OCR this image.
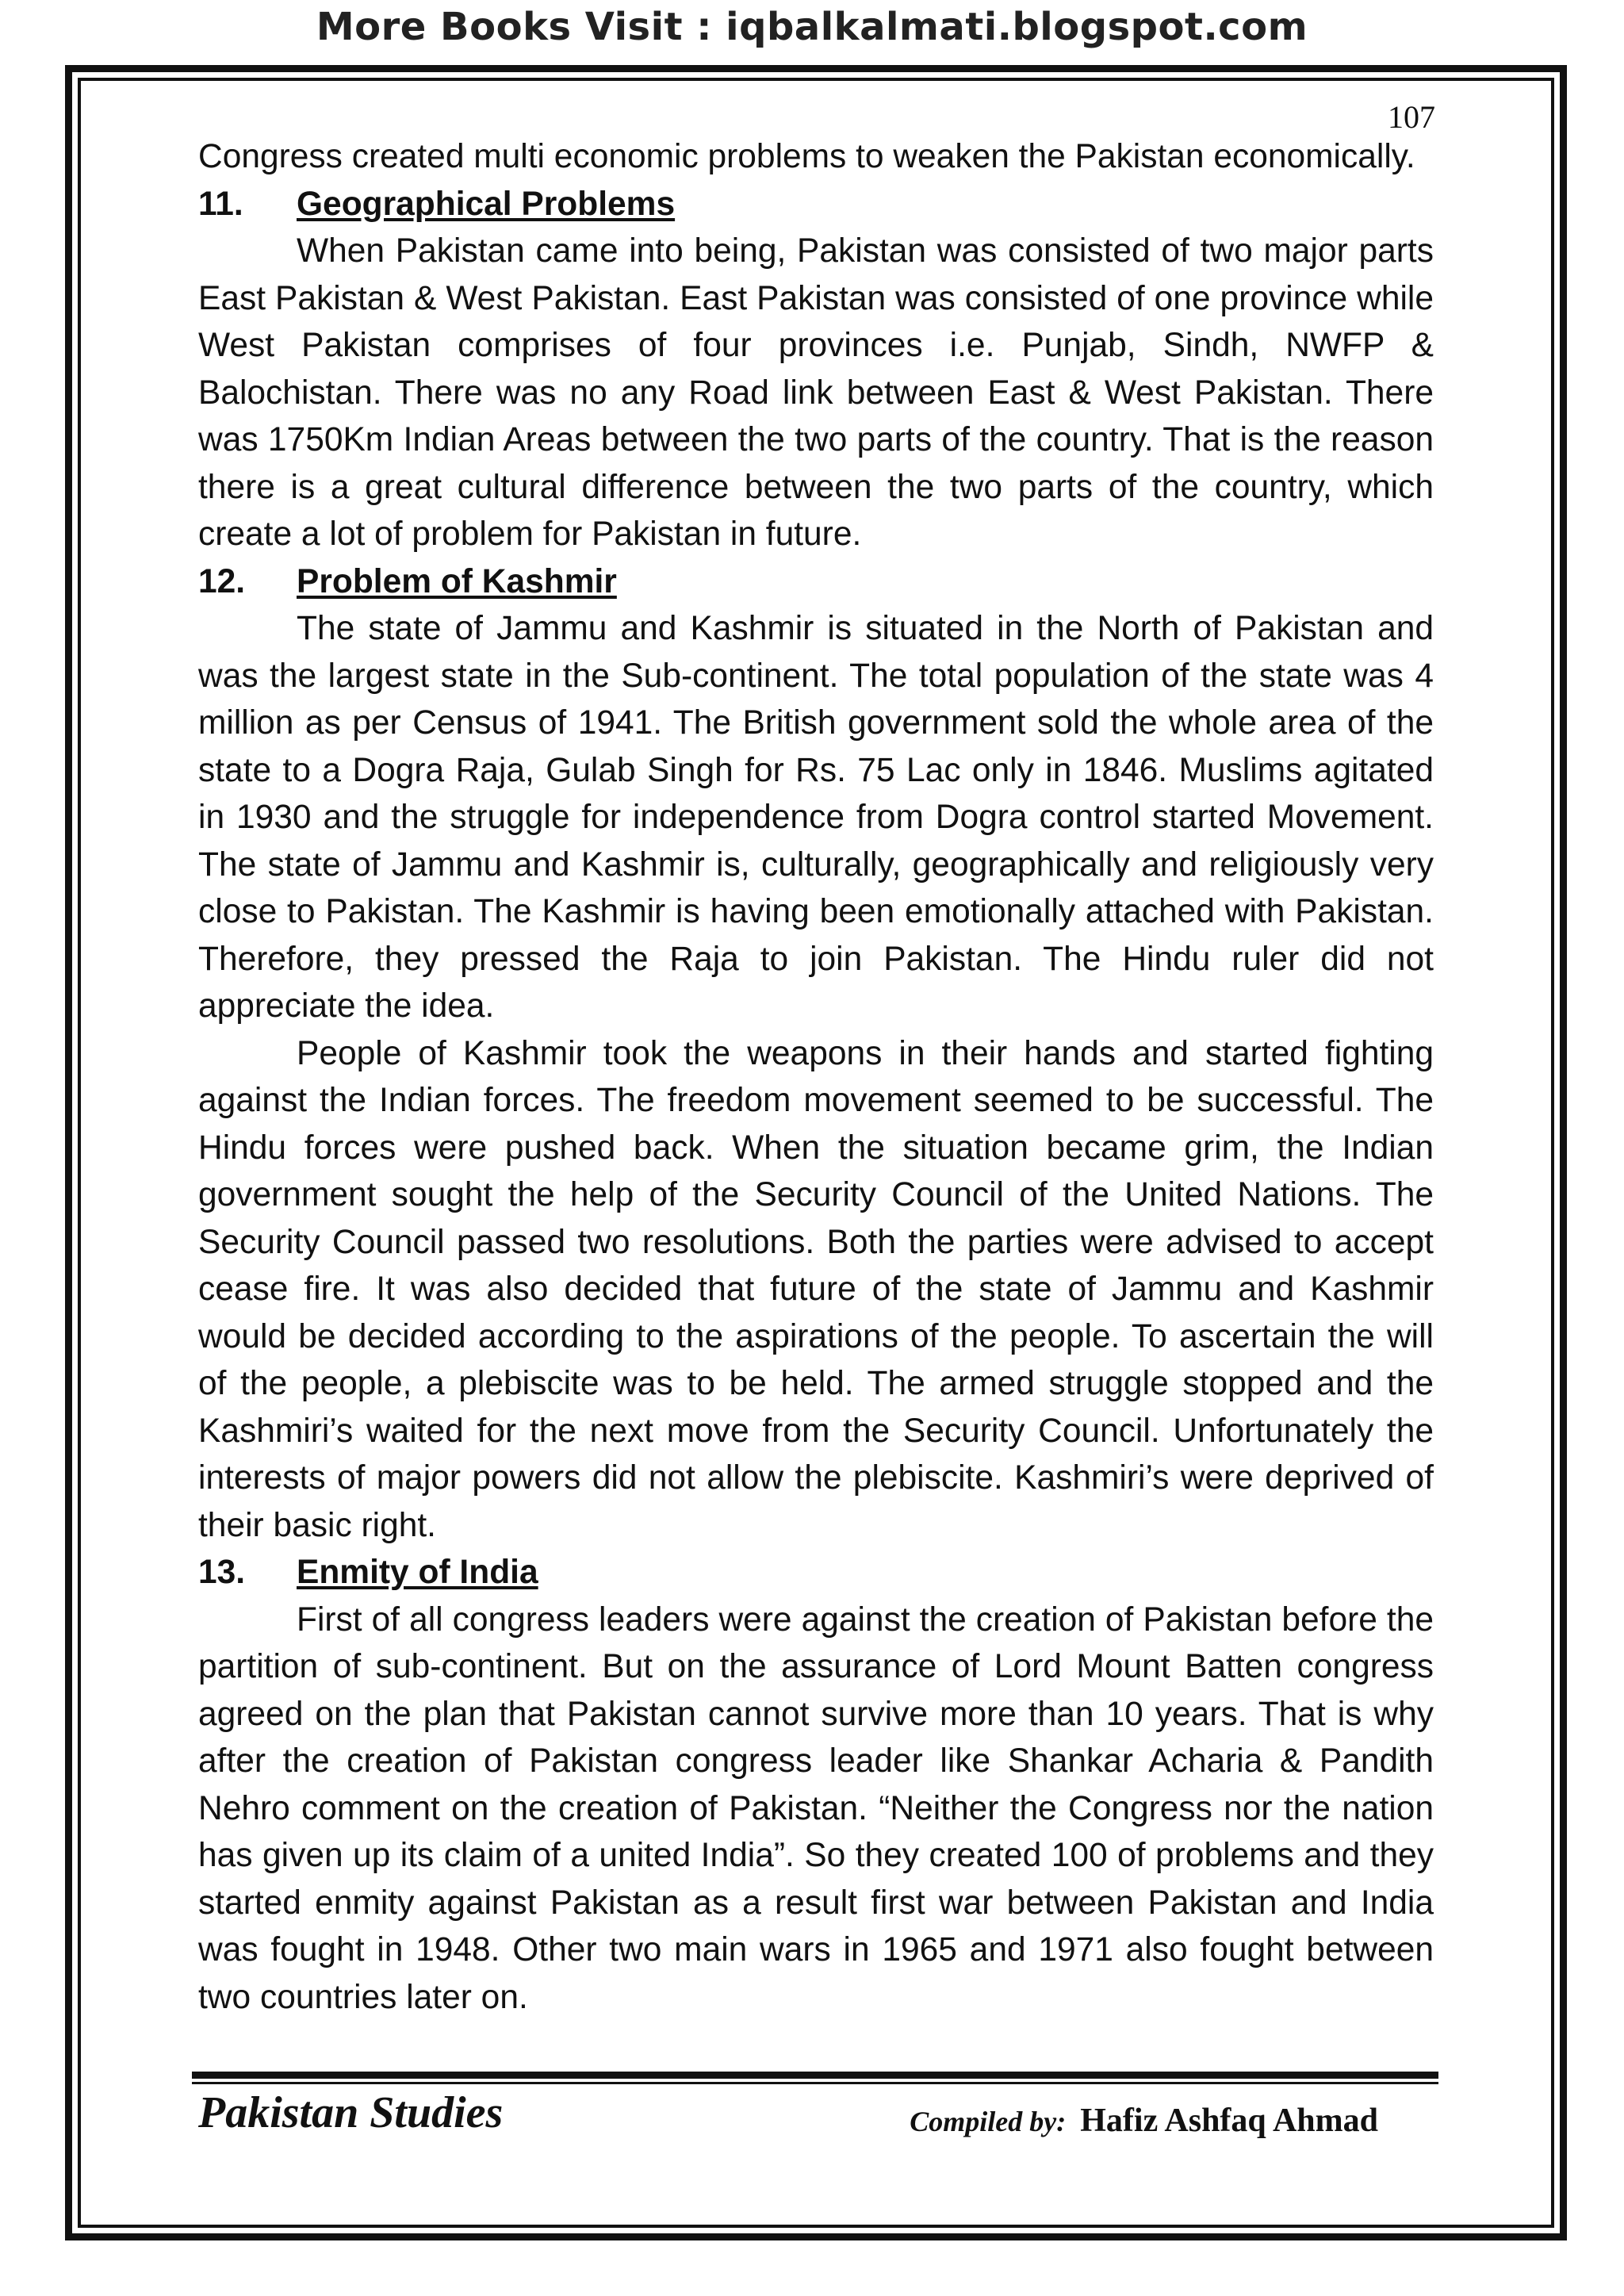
More Books Visit : iqbalkalmati.blogspot.com
107

Congress created multi economic problems to weaken the Pakistan economically.

11. Geographical Problems

When Pakistan came into being, Pakistan was consisted of two major parts East Pakistan & West Pakistan. East Pakistan was consisted of one province while West Pakistan comprises of four provinces i.e. Punjab, Sindh, NWFP & Balochistan. There was no any Road link between East & West Pakistan. There was 1750Km Indian Areas between the two parts of the country. That is the reason there is a great cultural difference between the two parts of the country, which create a lot of problem for Pakistan in future.

12. Problem of Kashmir

The state of Jammu and Kashmir is situated in the North of Pakistan and was the largest state in the Sub-continent. The total population of the state was 4 million as per Census of 1941. The British government sold the whole area of the state to a Dogra Raja, Gulab Singh for Rs. 75 Lac only in 1846. Muslims agitated in 1930 and the struggle for independence from Dogra control started Movement. The state of Jammu and Kashmir is, culturally, geographically and religiously very close to Pakistan. The Kashmir is having been emotionally attached with Pakistan. Therefore, they pressed the Raja to join Pakistan. The Hindu ruler did not appreciate the idea.

People of Kashmir took the weapons in their hands and started fighting against the Indian forces. The freedom movement seemed to be successful. The Hindu forces were pushed back. When the situation became grim, the Indian government sought the help of the Security Council of the United Nations. The Security Council passed two resolutions. Both the parties were advised to accept cease fire. It was also decided that future of the state of Jammu and Kashmir would be decided according to the aspirations of the people. To ascertain the will of the people, a plebiscite was to be held. The armed struggle stopped and the Kashmiri’s waited for the next move from the Security Council. Unfortunately the interests of major powers did not allow the plebiscite. Kashmiri’s were deprived of their basic right.

13. Enmity of India

First of all congress leaders were against the creation of Pakistan before the partition of sub-continent. But on the assurance of Lord Mount Batten congress agreed on the plan that Pakistan cannot survive more than 10 years. That is why after the creation of Pakistan congress leader like Shankar Acharia & Pandith Nehro comment on the creation of Pakistan. “Neither the Congress nor the nation has given up its claim of a united India”. So they created 100 of problems and they started enmity against Pakistan as a result first war between Pakistan and India was fought in 1948. Other two main wars in 1965 and 1971 also fought between two countries later on.

Pakistan Studies	Compiled by: Hafiz Ashfaq Ahmad
